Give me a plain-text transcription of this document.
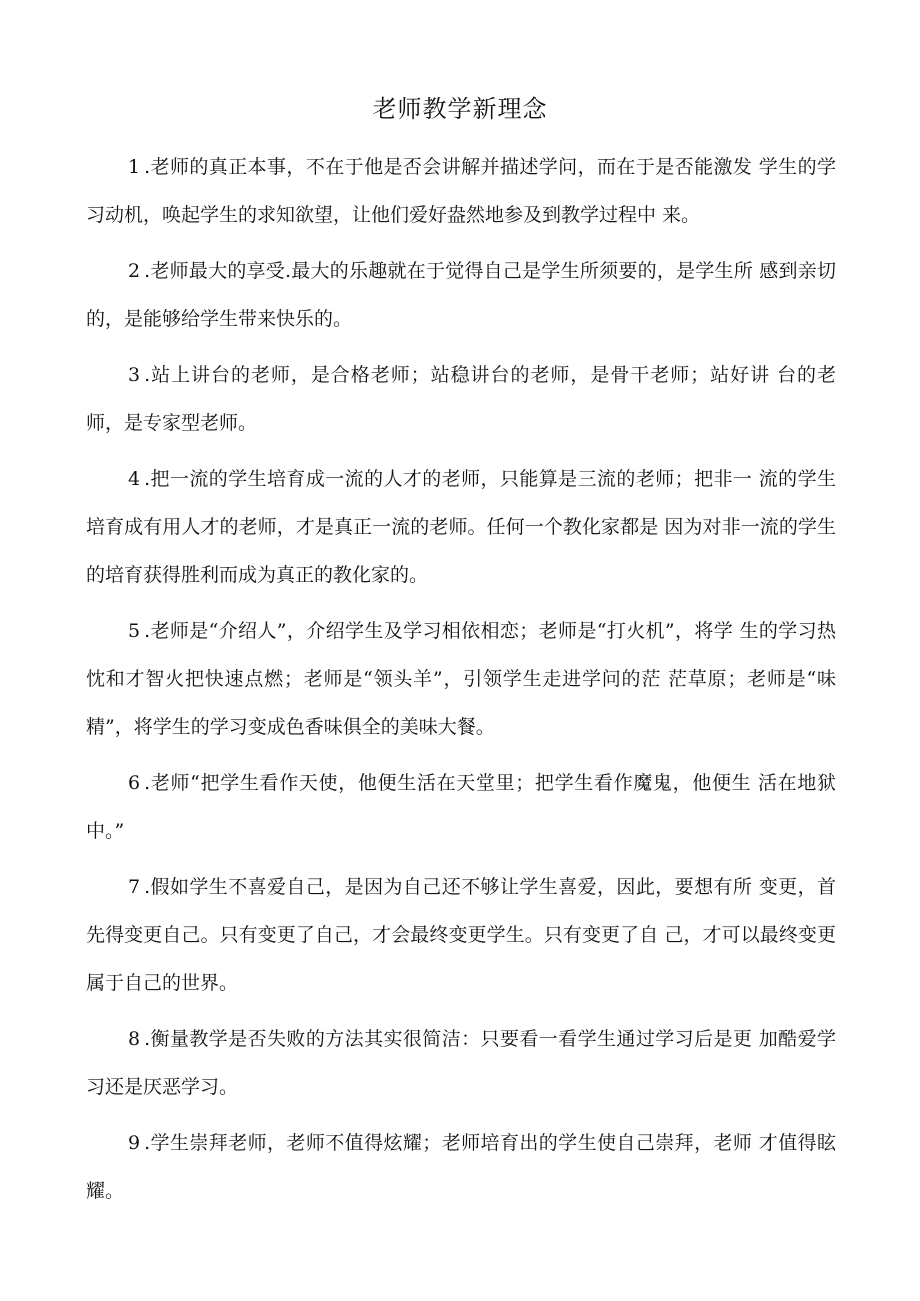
老师教学新理念

1 .老师的真正本事，不在于他是否会讲解并描述学问，而在于是否能激发 学生的学习动机，唤起学生的求知欲望，让他们爱好盎然地参及到教学过程中 来。

2 .老师最大的享受.最大的乐趣就在于觉得自己是学生所须要的，是学生所 感到亲切的，是能够给学生带来快乐的。

3 .站上讲台的老师，是合格老师；站稳讲台的老师，是骨干老师；站好讲 台的老师，是专家型老师。

4 .把一流的学生培育成一流的人才的老师，只能算是三流的老师；把非一 流的学生培育成有用人才的老师，才是真正一流的老师。任何一个教化家都是 因为对非一流的学生的培育获得胜利而成为真正的教化家的。

5 .老师是“介绍人”，介绍学生及学习相依相恋；老师是“打火机”，将学 生的学习热忱和才智火把快速点燃；老师是“领头羊”，引领学生走进学问的茫 茫草原；老师是“味精”，将学生的学习变成色香味俱全的美味大餐。

6 .老师“把学生看作天使，他便生活在天堂里；把学生看作魔鬼，他便生 活在地狱中。”

7 .假如学生不喜爱自己，是因为自己还不够让学生喜爱，因此，要想有所 变更，首先得变更自己。只有变更了自己，才会最终变更学生。只有变更了自 己，才可以最终变更属于自己的世界。

8 .衡量教学是否失败的方法其实很简洁：只要看一看学生通过学习后是更 加酷爱学习还是厌恶学习。

9 .学生崇拜老师，老师不值得炫耀；老师培育出的学生使自己崇拜，老师 才值得眩耀。
